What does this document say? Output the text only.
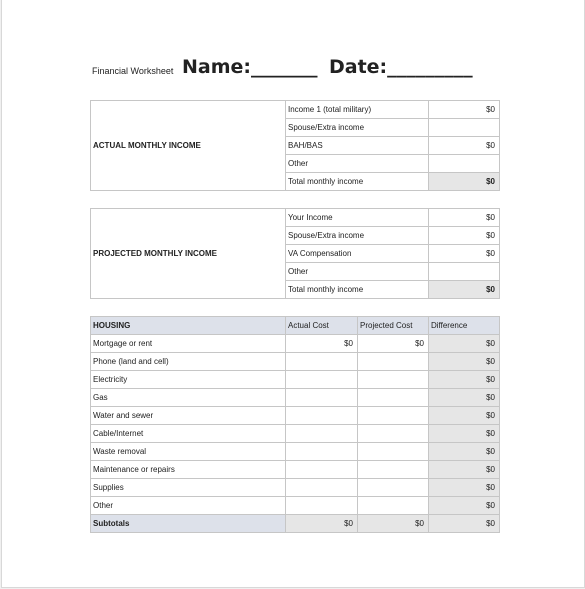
Financial Worksheet Name:_______ Date:_________
ACTUAL MONTHLY INCOME	Income 1 (total military)	$0
	Spouse/Extra income	
	BAH/BAS	$0
	Other	
	Total monthly income	$0
PROJECTED MONTHLY INCOME	Your Income	$0
	Spouse/Extra income	$0
	VA Compensation	$0
	Other	
	Total monthly income	$0
HOUSING	Actual Cost	Projected Cost	Difference
Mortgage or rent	$0	$0	$0
Phone (land and cell)			$0
Electricity			$0
Gas			$0
Water and sewer			$0
Cable/Internet			$0
Waste removal			$0
Maintenance or repairs			$0
Supplies			$0
Other			$0
Subtotals	$0	$0	$0
